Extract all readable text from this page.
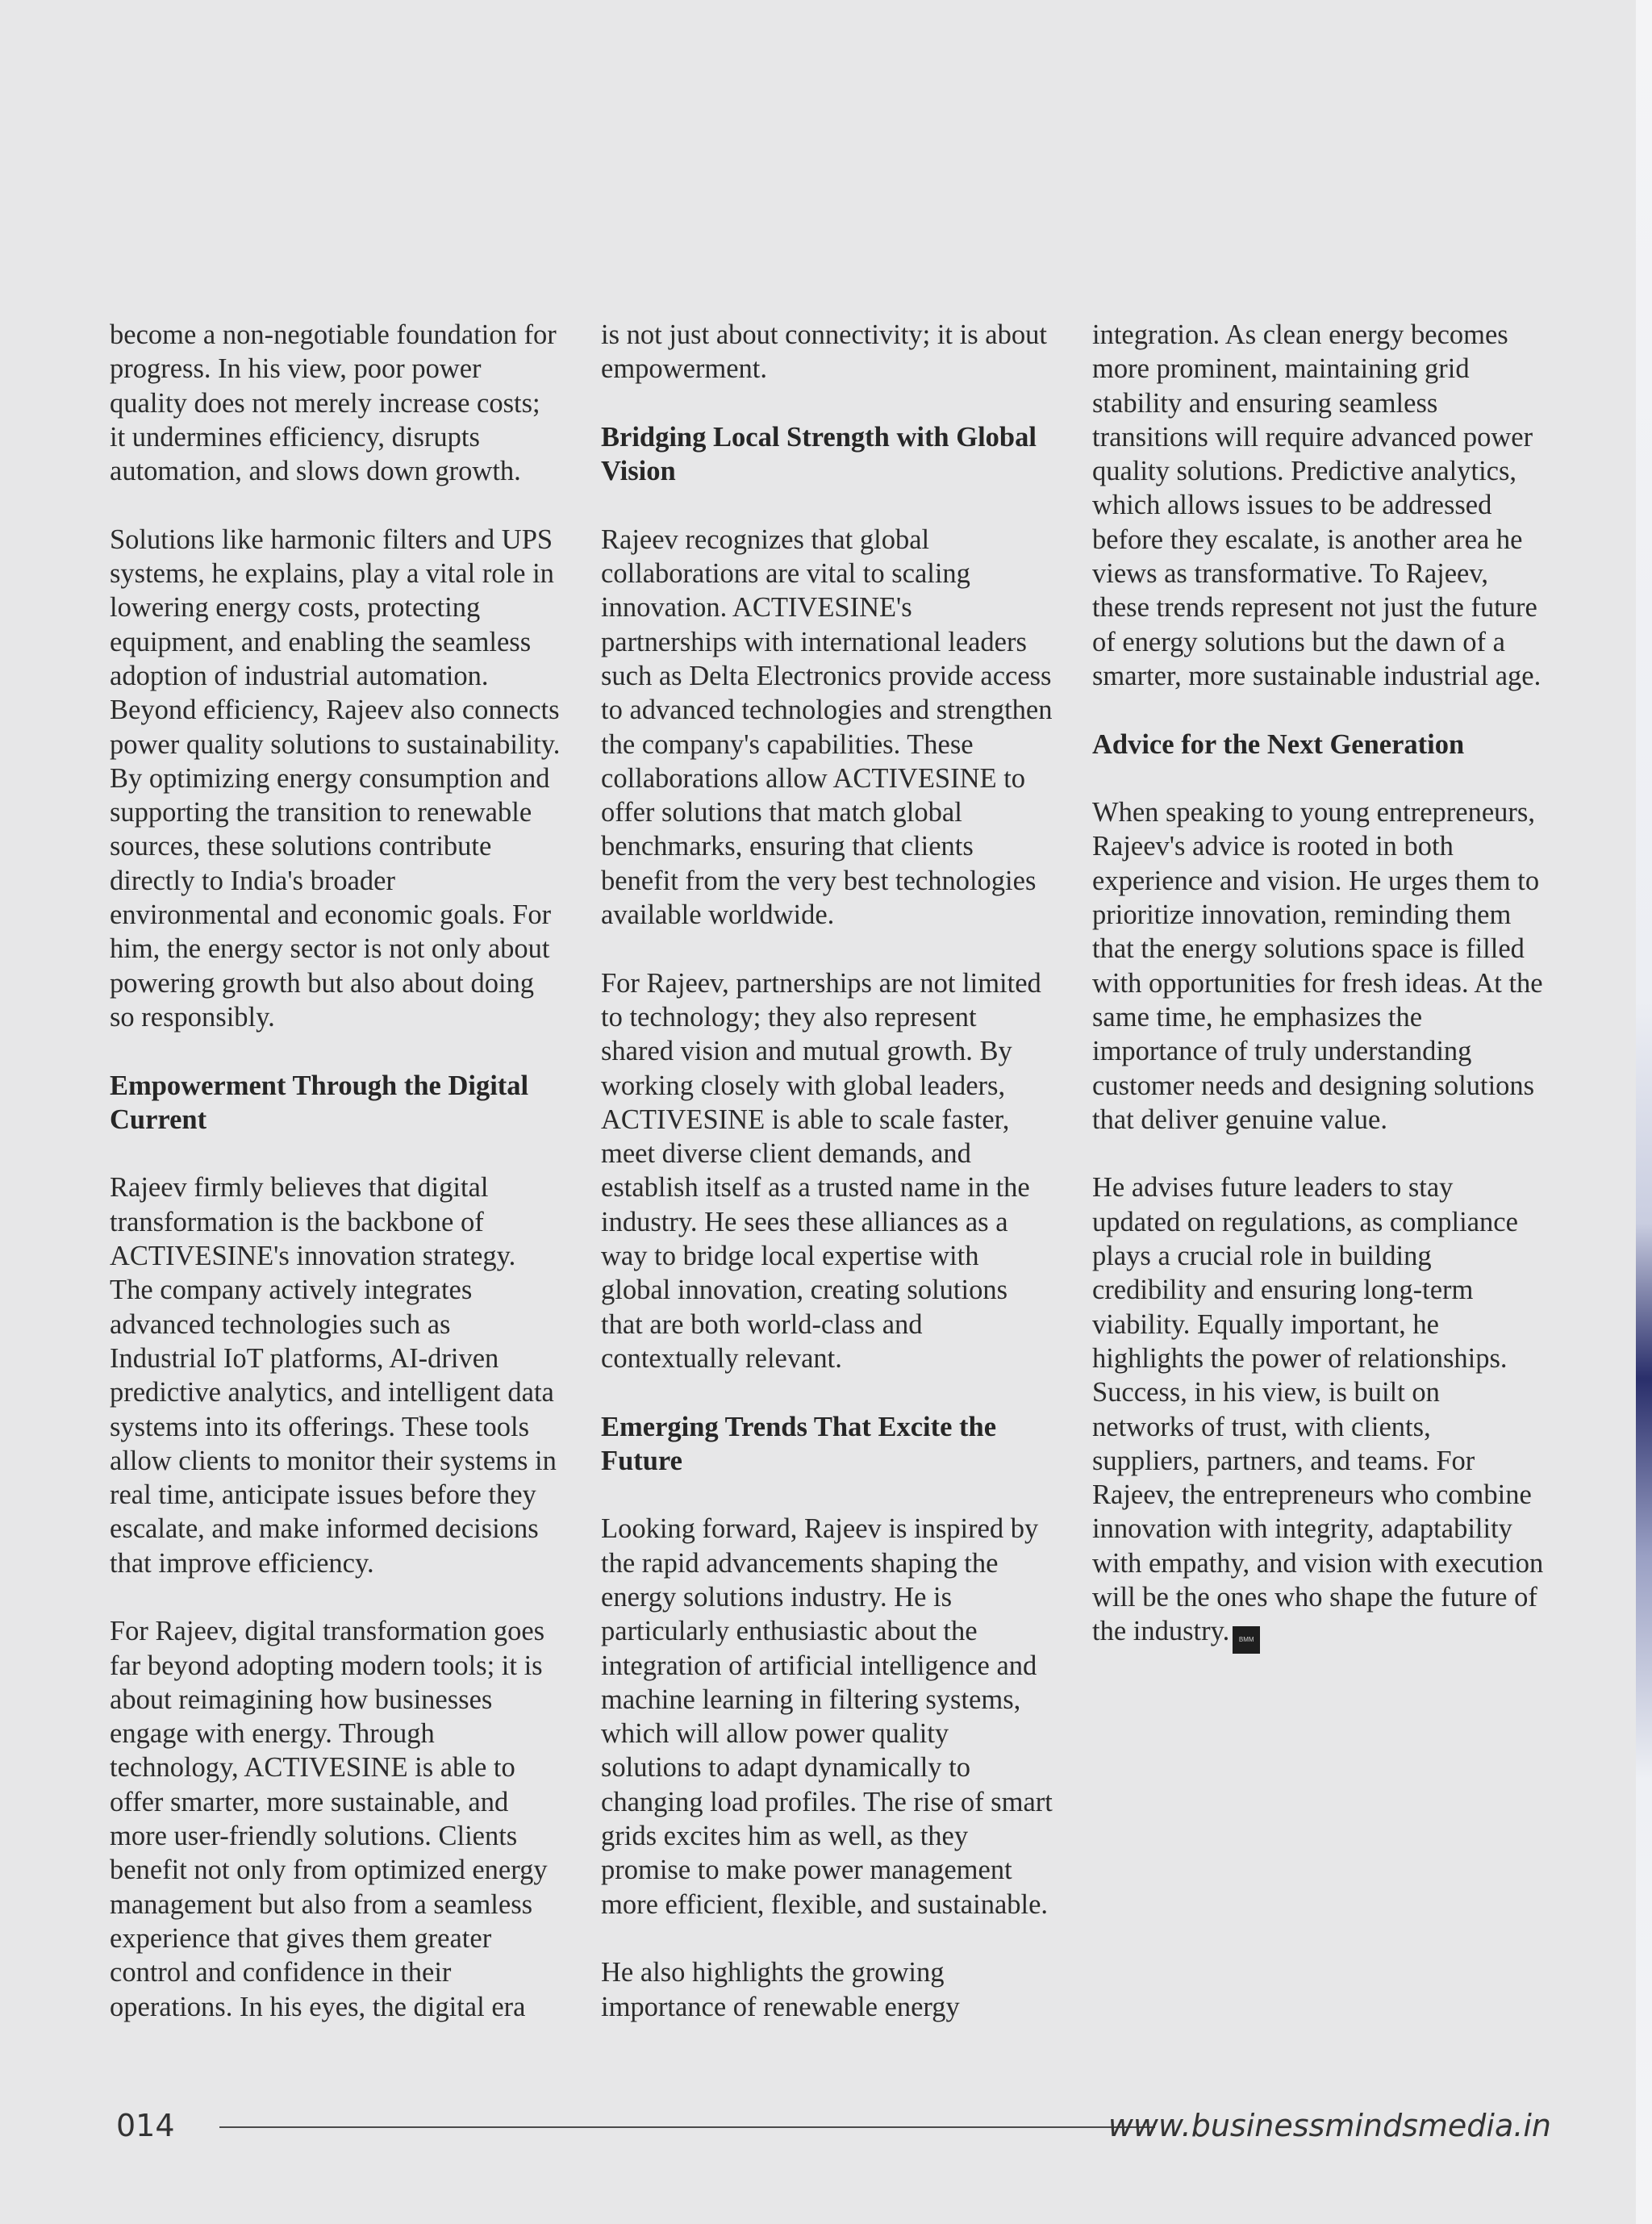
become a non-negotiable foundation for progress. In his view, poor power quality does not merely increase costs; it undermines efficiency, disrupts automation, and slows down growth.

Solutions like harmonic filters and UPS systems, he explains, play a vital role in lowering energy costs, protecting equipment, and enabling the seamless adoption of industrial automation. Beyond efficiency, Rajeev also connects power quality solutions to sustainability. By optimizing energy consumption and supporting the transition to renewable sources, these solutions contribute directly to India's broader environmental and economic goals. For him, the energy sector is not only about powering growth but also about doing so responsibly.

Empowerment Through the Digital Current

Rajeev firmly believes that digital transformation is the backbone of ACTIVESINE's innovation strategy. The company actively integrates advanced technologies such as Industrial IoT platforms, AI-driven predictive analytics, and intelligent data systems into its offerings. These tools allow clients to monitor their systems in real time, anticipate issues before they escalate, and make informed decisions that improve efficiency.

For Rajeev, digital transformation goes far beyond adopting modern tools; it is about reimagining how businesses engage with energy. Through technology, ACTIVESINE is able to offer smarter, more sustainable, and more user-friendly solutions. Clients benefit not only from optimized energy management but also from a seamless experience that gives them greater control and confidence in their operations. In his eyes, the digital era

is not just about connectivity; it is about empowerment.

Bridging Local Strength with Global Vision

Rajeev recognizes that global collaborations are vital to scaling innovation. ACTIVESINE's partnerships with international leaders such as Delta Electronics provide access to advanced technologies and strengthen the company's capabilities. These collaborations allow ACTIVESINE to offer solutions that match global benchmarks, ensuring that clients benefit from the very best technologies available worldwide.

For Rajeev, partnerships are not limited to technology; they also represent shared vision and mutual growth. By working closely with global leaders, ACTIVESINE is able to scale faster, meet diverse client demands, and establish itself as a trusted name in the industry. He sees these alliances as a way to bridge local expertise with global innovation, creating solutions that are both world-class and contextually relevant.

Emerging Trends That Excite the Future

Looking forward, Rajeev is inspired by the rapid advancements shaping the energy solutions industry. He is particularly enthusiastic about the integration of artificial intelligence and machine learning in filtering systems, which will allow power quality solutions to adapt dynamically to changing load profiles. The rise of smart grids excites him as well, as they promise to make power management more efficient, flexible, and sustainable.

He also highlights the growing importance of renewable energy

integration. As clean energy becomes more prominent, maintaining grid stability and ensuring seamless transitions will require advanced power quality solutions. Predictive analytics, which allows issues to be addressed before they escalate, is another area he views as transformative. To Rajeev, these trends represent not just the future of energy solutions but the dawn of a smarter, more sustainable industrial age.

Advice for the Next Generation

When speaking to young entrepreneurs, Rajeev's advice is rooted in both experience and vision. He urges them to prioritize innovation, reminding them that the energy solutions space is filled with opportunities for fresh ideas. At the same time, he emphasizes the importance of truly understanding customer needs and designing solutions that deliver genuine value.

He advises future leaders to stay updated on regulations, as compliance plays a crucial role in building credibility and ensuring long-term viability. Equally important, he highlights the power of relationships. Success, in his view, is built on networks of trust, with clients, suppliers, partners, and teams. For Rajeev, the entrepreneurs who combine innovation with integrity, adaptability with empathy, and vision with execution will be the ones who shape the future of the industry. BMM

014	www.businessmindsmedia.in
